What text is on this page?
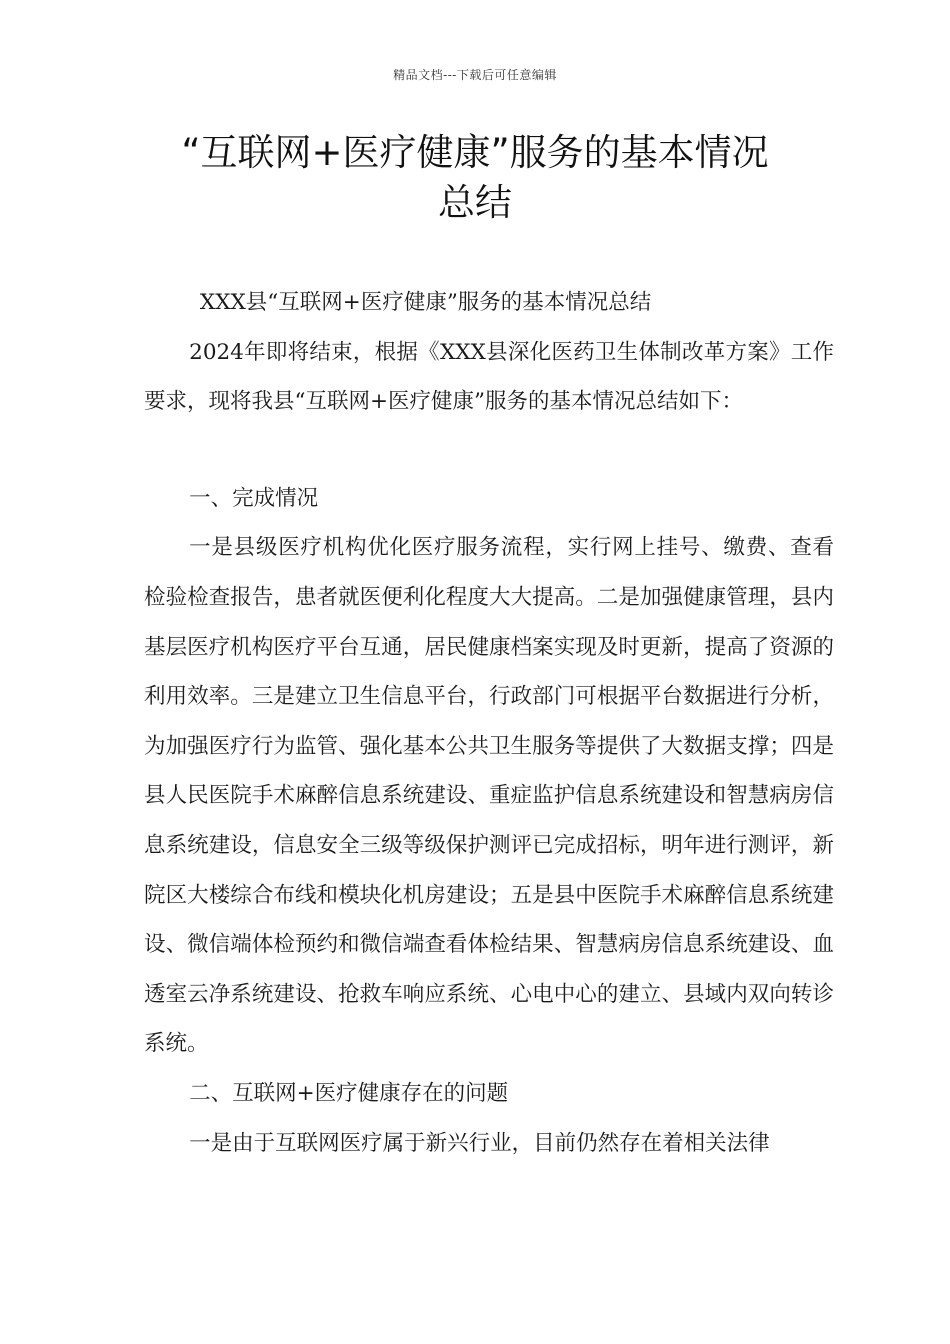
精品文档---下载后可任意编辑
“互联网+医疗健康”服务的基本情况
总结

XXX县“互联网+医疗健康”服务的基本情况总结

2024年即将结束，根据《XXX县深化医药卫生体制改革方案》工作要求，现将我县“互联网+医疗健康”服务的基本情况总结如下：

一、完成情况

一是县级医疗机构优化医疗服务流程，实行网上挂号、缴费、查看检验检查报告，患者就医便利化程度大大提高。二是加强健康管理，县内基层医疗机构医疗平台互通，居民健康档案实现及时更新，提高了资源的利用效率。三是建立卫生信息平台，行政部门可根据平台数据进行分析，为加强医疗行为监管、强化基本公共卫生服务等提供了大数据支撑；四是县人民医院手术麻醉信息系统建设、重症监护信息系统建设和智慧病房信息系统建设，信息安全三级等级保护测评已完成招标，明年进行测评，新院区大楼综合布线和模块化机房建设；五是县中医院手术麻醉信息系统建设、微信端体检预约和微信端查看体检结果、智慧病房信息系统建设、血透室云净系统建设、抢救车响应系统、心电中心的建立、县域内双向转诊系统。

二、互联网+医疗健康存在的问题

一是由于互联网医疗属于新兴行业，目前仍然存在着相关法律
